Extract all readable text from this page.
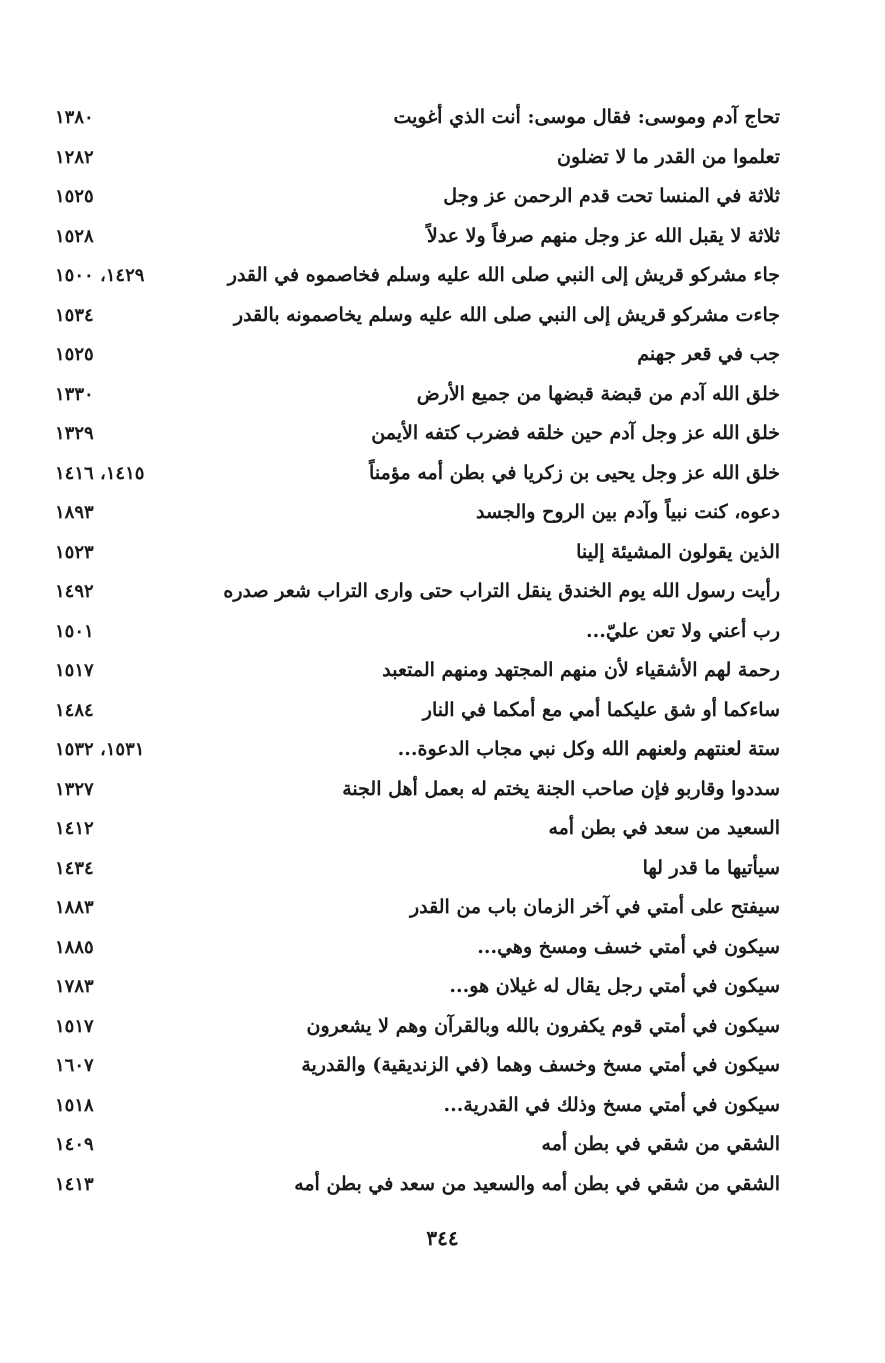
تحاج آدم وموسى: فقال موسى: أنت الذي أغويت
١٣٨٠
تعلموا من القدر ما لا تضلون
١٢٨٢
ثلاثة في المنسا تحت قدم الرحمن عز وجل
١٥٢٥
ثلاثة لا يقبل الله عز وجل منهم صرفاً ولا عدلاً
١٥٢٨
جاء مشركو قريش إلى النبي صلى الله عليه وسلم فخاصموه في القدر
١٤٢٩، ١٥٠٠
جاءت مشركو قريش إلى النبي صلى الله عليه وسلم يخاصمونه بالقدر
١٥٣٤
جب في قعر جهنم
١٥٢٥
خلق الله آدم من قبضة قبضها من جميع الأرض
١٣٣٠
خلق الله عز وجل آدم حين خلقه فضرب كتفه الأيمن
١٣٢٩
خلق الله عز وجل يحيى بن زكريا في بطن أمه مؤمناً
١٤١٥، ١٤١٦
دعوه، كنت نبياً وآدم بين الروح والجسد
١٨٩٣
الذين يقولون المشيئة إلينا
١٥٢٣
رأيت رسول الله يوم الخندق ينقل التراب حتى وارى التراب شعر صدره
١٤٩٢
رب أعني ولا تعن عليّ...
١٥٠١
رحمة لهم الأشقياء لأن منهم المجتهد ومنهم المتعبد
١٥١٧
ساءكما أو شق عليكما أمي مع أمكما في النار
١٤٨٤
ستة لعنتهم ولعنهم الله وكل نبي مجاب الدعوة...
١٥٣١، ١٥٣٢
سددوا وقاربو فإن صاحب الجنة يختم له بعمل أهل الجنة
١٣٢٧
السعيد من سعد في بطن أمه
١٤١٢
سيأتيها ما قدر لها
١٤٣٤
سيفتح على أمتي في آخر الزمان باب من القدر
١٨٨٣
سيكون في أمتي خسف ومسخ وهي...
١٨٨٥
سيكون في أمتي رجل يقال له غيلان هو...
١٧٨٣
سيكون في أمتي قوم يكفرون بالله وبالقرآن وهم لا يشعرون
١٥١٧
سيكون في أمتي مسخ وخسف وهما (في الزنديقية) والقدرية
١٦٠٧
سيكون في أمتي مسخ وذلك في القدرية...
١٥١٨
الشقي من شقي في بطن أمه
١٤٠٩
الشقي من شقي في بطن أمه والسعيد من سعد في بطن أمه
١٤١٣
٣٤٤
